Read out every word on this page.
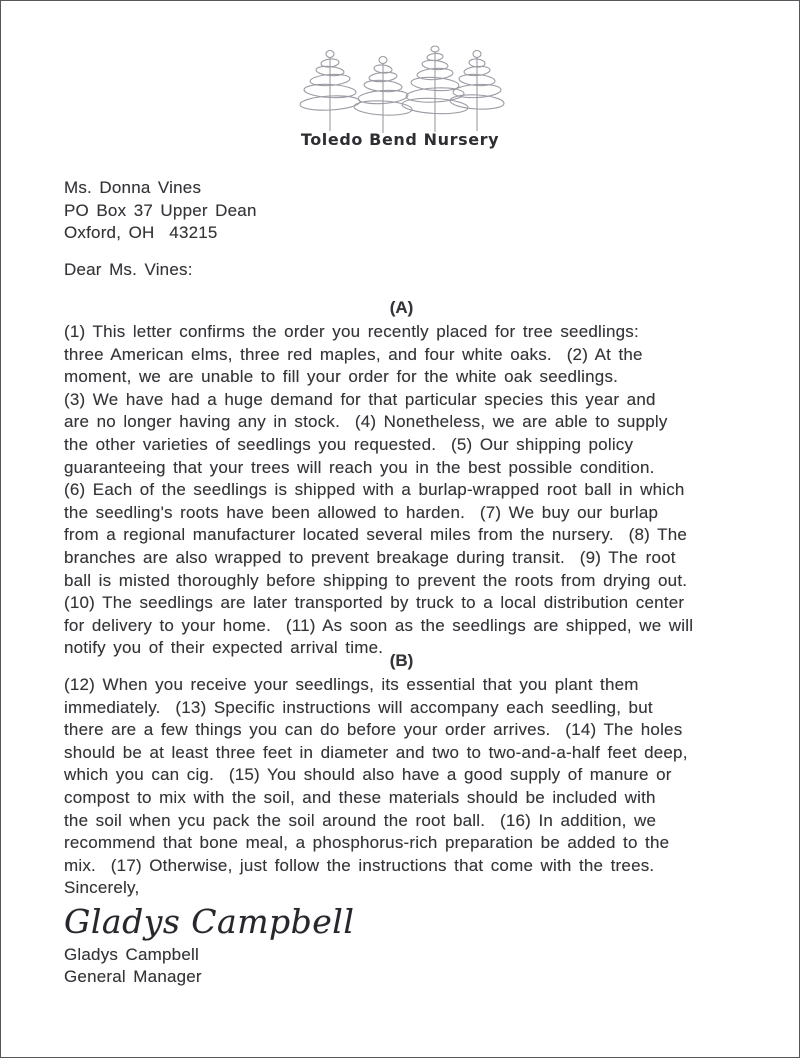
Toledo Bend Nursery
Ms. Donna Vines
PO Box 37 Upper Dean
Oxford, OH  43215
Dear Ms. Vines:
(A)
(1) This letter confirms the order you recently placed for tree seedlings:
three American elms, three red maples, and four white oaks.  (2) At the
moment, we are unable to fill your order for the white oak seedlings.
(3) We have had a huge demand for that particular species this year and
are no longer having any in stock.  (4) Nonetheless, we are able to supply
the other varieties of seedlings you requested.  (5) Our shipping policy
guaranteeing that your trees will reach you in the best possible condition.
(6) Each of the seedlings is shipped with a burlap-wrapped root ball in which
the seedling's roots have been allowed to harden.  (7) We buy our burlap
from a regional manufacturer located several miles from the nursery.  (8) The
branches are also wrapped to prevent breakage during transit.  (9) The root
ball is misted thoroughly before shipping to prevent the roots from drying out.
(10) The seedlings are later transported by truck to a local distribution center
for delivery to your home.  (11) As soon as the seedlings are shipped, we will
notify you of their expected arrival time.
(B)
(12) When you receive your seedlings, its essential that you plant them
immediately.  (13) Specific instructions will accompany each seedling, but
there are a few things you can do before your order arrives.  (14) The holes
should be at least three feet in diameter and two to two-and-a-half feet deep,
which you can cig.  (15) You should also have a good supply of manure or
compost to mix with the soil, and these materials should be included with
the soil when ycu pack the soil around the root ball.  (16) In addition, we
recommend that bone meal, a phosphorus-rich preparation be added to the
mix.  (17) Otherwise, just follow the instructions that come with the trees.
Sincerely,
Gladys Campbell
Gladys Campbell
General Manager
